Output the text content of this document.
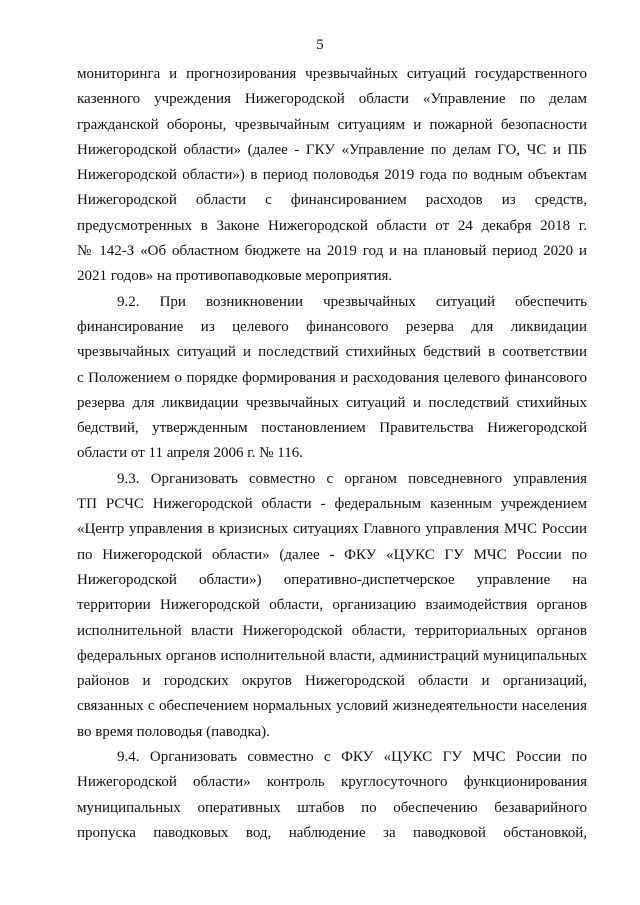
5
мониторинга и прогнозирования чрезвычайных ситуаций государственного
казенного учреждения Нижегородской области «Управление по делам
гражданской обороны, чрезвычайным ситуациям и пожарной безопасности
Нижегородской области» (далее - ГКУ «Управление по делам ГО, ЧС и ПБ
Нижегородской области») в период половодья 2019 года по водным объектам
Нижегородской области с финансированием расходов из средств,
предусмотренных в Законе Нижегородской области от 24 декабря 2018 г.
№ 142-З «Об областном бюджете на 2019 год и на плановый период 2020 и
2021 годов» на противопаводковые мероприятия.
9.2. При возникновении чрезвычайных ситуаций обеспечить
финансирование из целевого финансового резерва для ликвидации
чрезвычайных ситуаций и последствий стихийных бедствий в соответствии
с Положением о порядке формирования и расходования целевого финансового
резерва для ликвидации чрезвычайных ситуаций и последствий стихийных
бедствий, утвержденным постановлением Правительства Нижегородской
области от 11 апреля 2006 г. № 116.
9.3. Организовать совместно с органом повседневного управления
ТП РСЧС Нижегородской области - федеральным казенным учреждением
«Центр управления в кризисных ситуациях Главного управления МЧС России
по Нижегородской области» (далее - ФКУ «ЦУКС ГУ МЧС России по
Нижегородской области») оперативно-диспетчерское управление на
территории Нижегородской области, организацию взаимодействия органов
исполнительной власти Нижегородской области, территориальных органов
федеральных органов исполнительной власти, администраций муниципальных
районов и городских округов Нижегородской области и организаций,
связанных с обеспечением нормальных условий жизнедеятельности населения
во время половодья (паводка).
9.4. Организовать совместно с ФКУ «ЦУКС ГУ МЧС России по
Нижегородской области» контроль круглосуточного функционирования
муниципальных оперативных штабов по обеспечению безаварийного
пропуска паводковых вод, наблюдение за паводковой обстановкой,
